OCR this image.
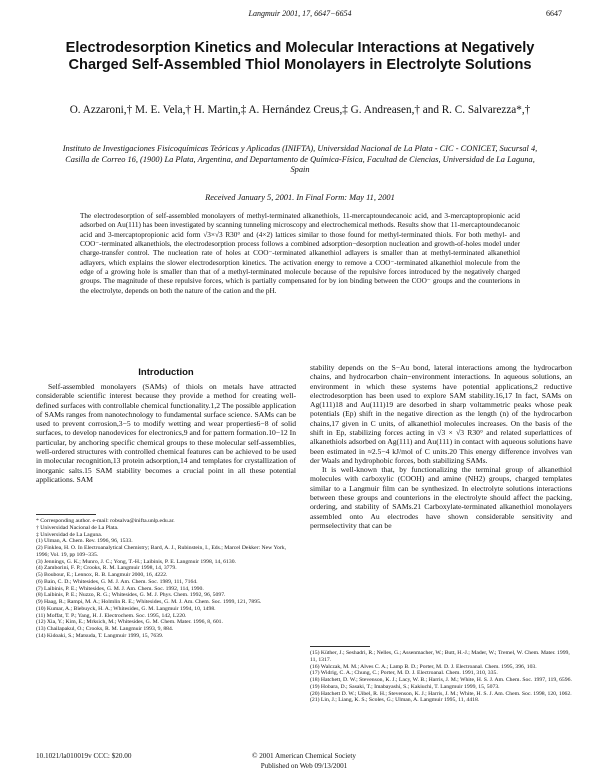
Langmuir 2001, 17, 6647−6654	6647
Electrodesorption Kinetics and Molecular Interactions at Negatively Charged Self-Assembled Thiol Monolayers in Electrolyte Solutions
O. Azzaroni,† M. E. Vela,† H. Martin,‡ A. Hernández Creus,‡ G. Andreasen,† and R. C. Salvarezza*,†
Instituto de Investigaciones Fisicoquímicas Teóricas y Aplicadas (INIFTA), Universidad Nacional de La Plata - CIC - CONICET, Sucursal 4, Casilla de Correo 16, (1900) La Plata, Argentina, and Departamento de Química-Física, Facultad de Ciencias, Universidad de La Laguna, Spain
Received January 5, 2001. In Final Form: May 11, 2001

The electrodesorption of self-assembled monolayers of methyl-terminated alkanethiols, 11-mercaptoundecanoic acid, and 3-mercaptopropionic acid adsorbed on Au(111) has been investigated by scanning tunneling microscopy and electrochemical methods. Results show that 11-mercaptoundecanoic acid and 3-mercaptopropionic acid form √3×√3 R30° and (4×2) lattices similar to those found for methyl-terminated thiols. For both methyl- and COO⁻-terminated alkanethiols, the electrodesorption process follows a combined adsorption−desorption nucleation and growth-of-holes model under charge-transfer control. The nucleation rate of holes at COO⁻-terminated alkanethiol adlayers is smaller than at methyl-terminated alkanethiol adlayers, which explains the slower electrodesorption kinetics. The activation energy to remove a COO⁻-terminated alkanethiol molecule from the edge of a growing hole is smaller than that of a methyl-terminated molecule because of the repulsive forces introduced by the negatively charged groups. The magnitude of these repulsive forces, which is partially compensated for by ion binding between the COO⁻ groups and the counterions in the electrolyte, depends on both the nature of the cation and the pH.

Introduction

Self-assembled monolayers (SAMs) of thiols on metals have attracted considerable scientific interest because they provide a method for creating well-defined surfaces with controllable chemical functionality.1,2 The possible application of SAMs ranges from nanotechnology to fundamental surface science. SAMs can be used to prevent corrosion,3−5 to modify wetting and wear properties6−8 of solid surfaces, to develop nanodevices for electronics,9 and for pattern formation.10−12 In particular, by anchoring specific chemical groups to these molecular self-assemblies, well-ordered structures with controlled chemical features can be achieved to be used in molecular recognition,13 protein adsorption,14 and templates for crystallization of inorganic salts.15 SAM stability becomes a crucial point in all these potential applications. SAM

stability depends on the S−Au bond, lateral interactions among the hydrocarbon chains, and hydrocarbon chain−environment interactions. In aqueous solutions, an environment in which these systems have potential applications,2 reductive electrodesorption has been used to explore SAM stability.16,17 In fact, SAMs on Ag(111)18 and Au(111)19 are desorbed in sharp voltammetric peaks whose peak potentials (Ep) shift in the negative direction as the length (n) of the hydrocarbon chains,17 given in C units, of alkanethiol molecules increases. On the basis of the shift in Ep, stabilizing forces acting in √3 × √3 R30° and related superlattices of alkanethiols adsorbed on Ag(111) and Au(111) in contact with aqueous solutions have been estimated in ≈2.5−4 kJ/mol of C units.20 This energy difference involves van der Waals and hydrophobic forces, both stabilizing SAMs.

It is well-known that, by functionalizing the terminal group of alkanethiol molecules with carboxylic (COOH) and amine (NH2) groups, charged templates similar to a Langmuir film can be synthesized. In electrolyte solutions interactions between these groups and counterions in the electrolyte should affect the packing, ordering, and stability of SAMs.21 Carboxylate-terminated alkanethiol monolayers assembled onto Au electrodes have shown considerable sensitivity and permselectivity that can be

* Corresponding author. e-mail: robsalva@inifta.unlp.edu.ar.
† Universidad Nacional de La Plata.
‡ Universidad de La Laguna.
(1) Ulman, A. Chem. Rev. 1996, 96, 1533.
(2) Finklea, H. O. In Electroanalytical Chemistry; Bard, A. J., Rubinstein, I., Eds.; Marcel Dekker: New York, 1996; Vol. 19, pp 109−335.
(3) Jennings, G. K.; Munro, J. C.; Yong, T.-H.; Laibinis, P. E. Langmuir 1998, 14, 6130.
(4) Zamborini, F. P.; Crooks, R. M. Langmuir 1998, 14, 3779.
(5) Boubour, E.; Lennox, R. B. Langmuir 2000, 16, 4222.
(6) Bain, C. D.; Whitesides, G. M. J. Am. Chem. Soc. 1989, 111, 7164.
(7) Laibinis, P. E.; Whitesides, G. M. J. Am. Chem. Soc. 1992, 114, 1990.
(8) Laibinis, P. E.; Nuzzo, R. G.; Whitesides, G. M. J. Phys. Chem. 1992, 96, 5097.
(9) Haag, R.; Rampi, M. A.; Holmlin R. E.; Whitesides, G. M. J. Am. Chem. Soc. 1999, 121, 7895.
(10) Kumar, A.; Biebuyck, H. A.; Whitesides, G. M. Langmuir 1994, 10, 1498.
(11) Moffat, T. P.; Yang, H. J. Electrochem. Soc. 1995, 142, L220.
(12) Xia, Y.; Kim, E.; Mrksich, M.; Whitesides, G. M. Chem. Mater. 1996, 8, 601.
(13) Chailapakul, O.; Crooks, R. M. Langmuir 1993, 9, 884.
(14) Kidoaki, S.; Matsuda, T. Langmuir 1999, 15, 7639.
(15) Küther, J.; Seshadri, R.; Nelles, G.; Assenmacher, W.; Butt, H.-J.; Mader, W.; Tremel, W. Chem. Mater. 1999, 11, 1317.
(16) Walczak, M. M.; Alves C. A.; Lamp B. D.; Porter, M. D. J. Electroanal. Chem. 1995, 396, 103.
(17) Widrig, C. A.; Chung, C.; Porter, M. D. J. Electroanal. Chem. 1991, 310, 335.
(18) Hatchett, D. W.; Stevenson, K. J.; Lacy, W. B.; Harris, J. M.; White, H. S. J. Am. Chem. Soc. 1997, 119, 6596.
(19) Hobara, D.; Sasaki, T.; Imabayashi, S.; Kakiuchi, T. Langmuir 1999, 15, 5073.
(20) Hatchett D. W.; Uibel, R. H.; Stevenson, K. J.; Harris, J. M.; White, H. S. J. Am. Chem. Soc. 1998, 120, 1062.
(21) Lin, J.; Liang, K. S.; Scoles, G.; Ulman, A. Langmuir 1995, 11, 4418.
10.1021/la010019v CCC: $20.00	© 2001 American Chemical Society
Published on Web 09/13/2001
